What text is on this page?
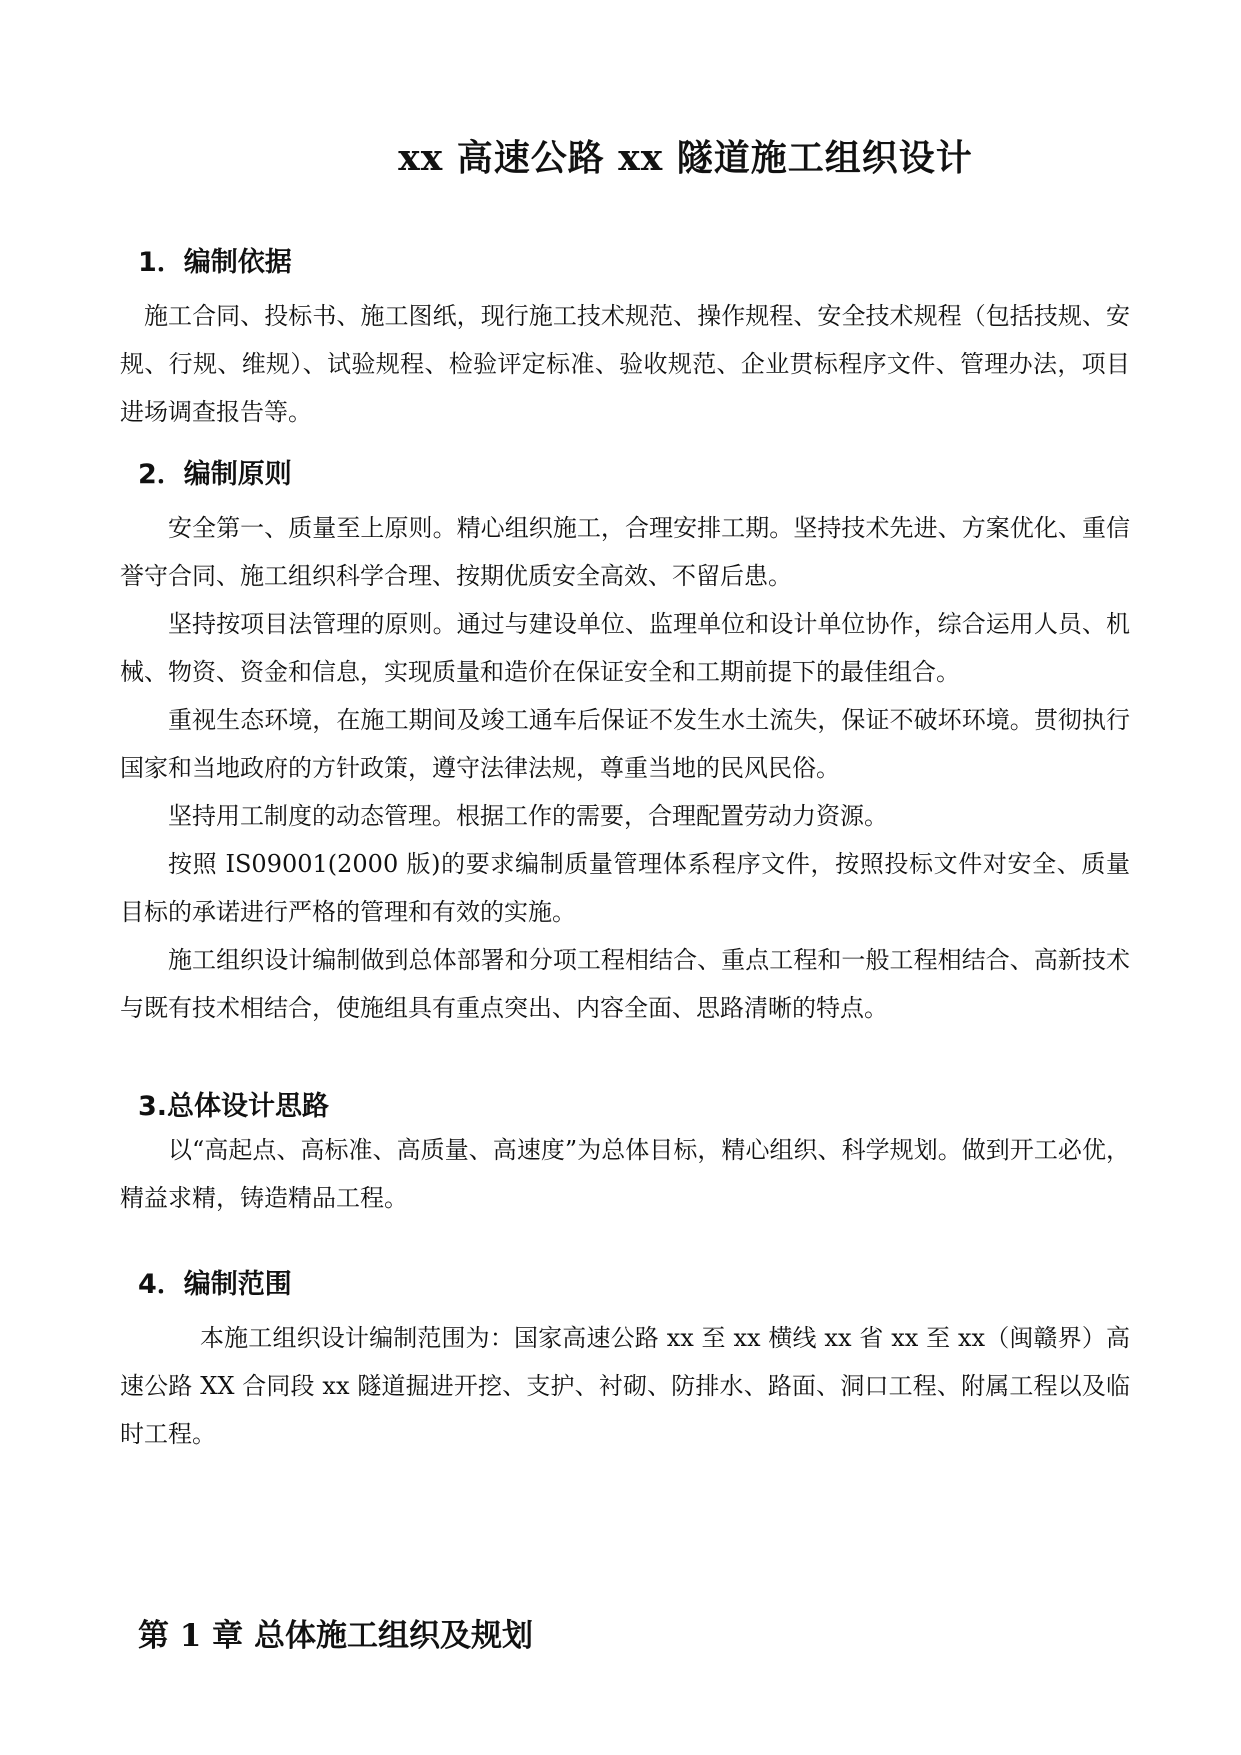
xx 高速公路 xx 隧道施工组织设计
1．编制依据

施工合同、投标书、施工图纸，现行施工技术规范、操作规程、安全技术规程（包括技规、安规、行规、维规）、试验规程、检验评定标准、验收规范、企业贯标程序文件、管理办法，项目进场调查报告等。

2．编制原则

安全第一、质量至上原则。精心组织施工，合理安排工期。坚持技术先进、方案优化、重信誉守合同、施工组织科学合理、按期优质安全高效、不留后患。

坚持按项目法管理的原则。通过与建设单位、监理单位和设计单位协作，综合运用人员、机械、物资、资金和信息，实现质量和造价在保证安全和工期前提下的最佳组合。

重视生态环境，在施工期间及竣工通车后保证不发生水土流失，保证不破坏环境。贯彻执行国家和当地政府的方针政策，遵守法律法规，尊重当地的民风民俗。

坚持用工制度的动态管理。根据工作的需要，合理配置劳动力资源。

按照 IS09001(2000 版)的要求编制质量管理体系程序文件，按照投标文件对安全、质量目标的承诺进行严格的管理和有效的实施。

施工组织设计编制做到总体部署和分项工程相结合、重点工程和一般工程相结合、高新技术与既有技术相结合，使施组具有重点突出、内容全面、思路清晰的特点。

3.总体设计思路

以“高起点、高标准、高质量、高速度”为总体目标，精心组织、科学规划。做到开工必优，精益求精，铸造精品工程。

4．编制范围

本施工组织设计编制范围为：国家高速公路 xx 至 xx 横线 xx 省 xx 至 xx（闽赣界）高速公路 XX 合同段 xx 隧道掘进开挖、支护、衬砌、防排水、路面、洞口工程、附属工程以及临时工程。

第 1 章 总体施工组织及规划
